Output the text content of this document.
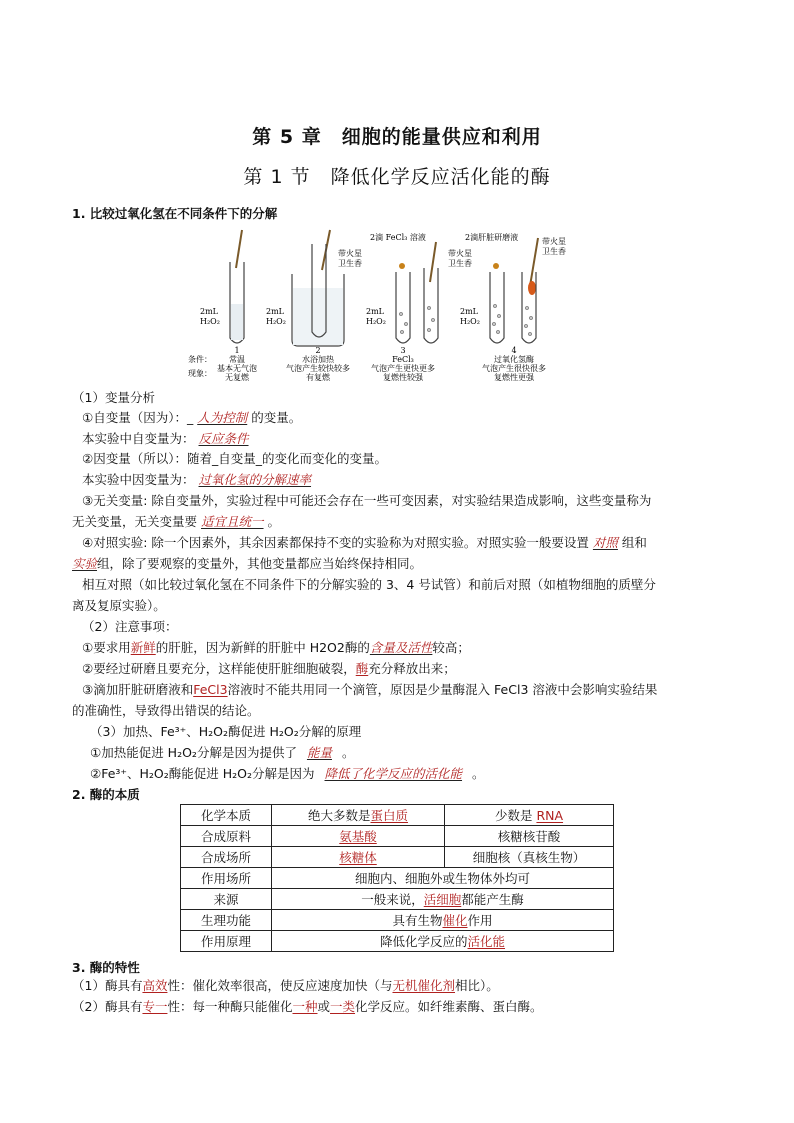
第 5 章　细胞的能量供应和利用
第 1 节　降低化学反应活化能的酶
1. 比较过氧化氢在不同条件下的分解
1
常温
基本无气泡
无复燃
2
水浴加热
气泡产生较快较多
有复燃
3
FeCl₃
气泡产生更快更多
复燃性较强
4
过氧化氢酶
气泡产生很快很多
复燃性更强
2滴 FeCl₃ 溶液	2滴肝脏研磨液
带火星
卫生香
带火星
卫生香
带火星
卫生香
2mL
H₂O₂
2mL
H₂O₂
2mL
H₂O₂
2mL
H₂O₂
条件：
现象：
（1）变量分析
①自变量（因为）：_ 人为控制 的变量。
本实验中自变量为： 反应条件
②因变量（所以）：随着_自变量_的变化而变化的变量。
本实验中因变量为： 过氧化氢的分解速率
③无关变量: 除自变量外，实验过程中可能还会存在一些可变因素，对实验结果造成影响，这些变量称为
无关变量，无关变量要 适宜且统一 。
④对照实验: 除一个因素外，其余因素都保持不变的实验称为对照实验。对照实验一般要设置 对照 组和
实验组，除了要观察的变量外，其他变量都应当始终保持相同。
相互对照（如比较过氧化氢在不同条件下的分解实验的 3、4 号试管）和前后对照（如植物细胞的质壁分
离及复原实验）。
（2）注意事项：
①要求用新鲜的肝脏，因为新鲜的肝脏中 H2O2酶的含量及活性较高；
②要经过研磨且要充分，这样能使肝脏细胞破裂，酶充分释放出来；
③滴加肝脏研磨液和FeCl3溶液时不能共用同一个滴管，原因是少量酶混入 FeCl3 溶液中会影响实验结果
的准确性，导致得出错误的结论。
（3）加热、Fe³⁺、H₂O₂酶促进 H₂O₂分解的原理
①加热能促进 H₂O₂分解是因为提供了 能量 。
②Fe³⁺、H₂O₂酶能促进 H₂O₂分解是因为 降低了化学反应的活化能 。
2. 酶的本质
化学本质	绝大多数是蛋白质	少数是 RNA
合成原料	氨基酸	核糖核苷酸
合成场所	核糖体	细胞核（真核生物）
作用场所	细胞内、细胞外或生物体外均可	
来源	一般来说，活细胞都能产生酶	
生理功能	具有生物催化作用	
作用原理	降低化学反应的活化能	
3. 酶的特性
（1）酶具有高效性：催化效率很高，使反应速度加快（与无机催化剂相比）。
（2）酶具有专一性：每一种酶只能催化一种或一类化学反应。如纤维素酶、蛋白酶。
